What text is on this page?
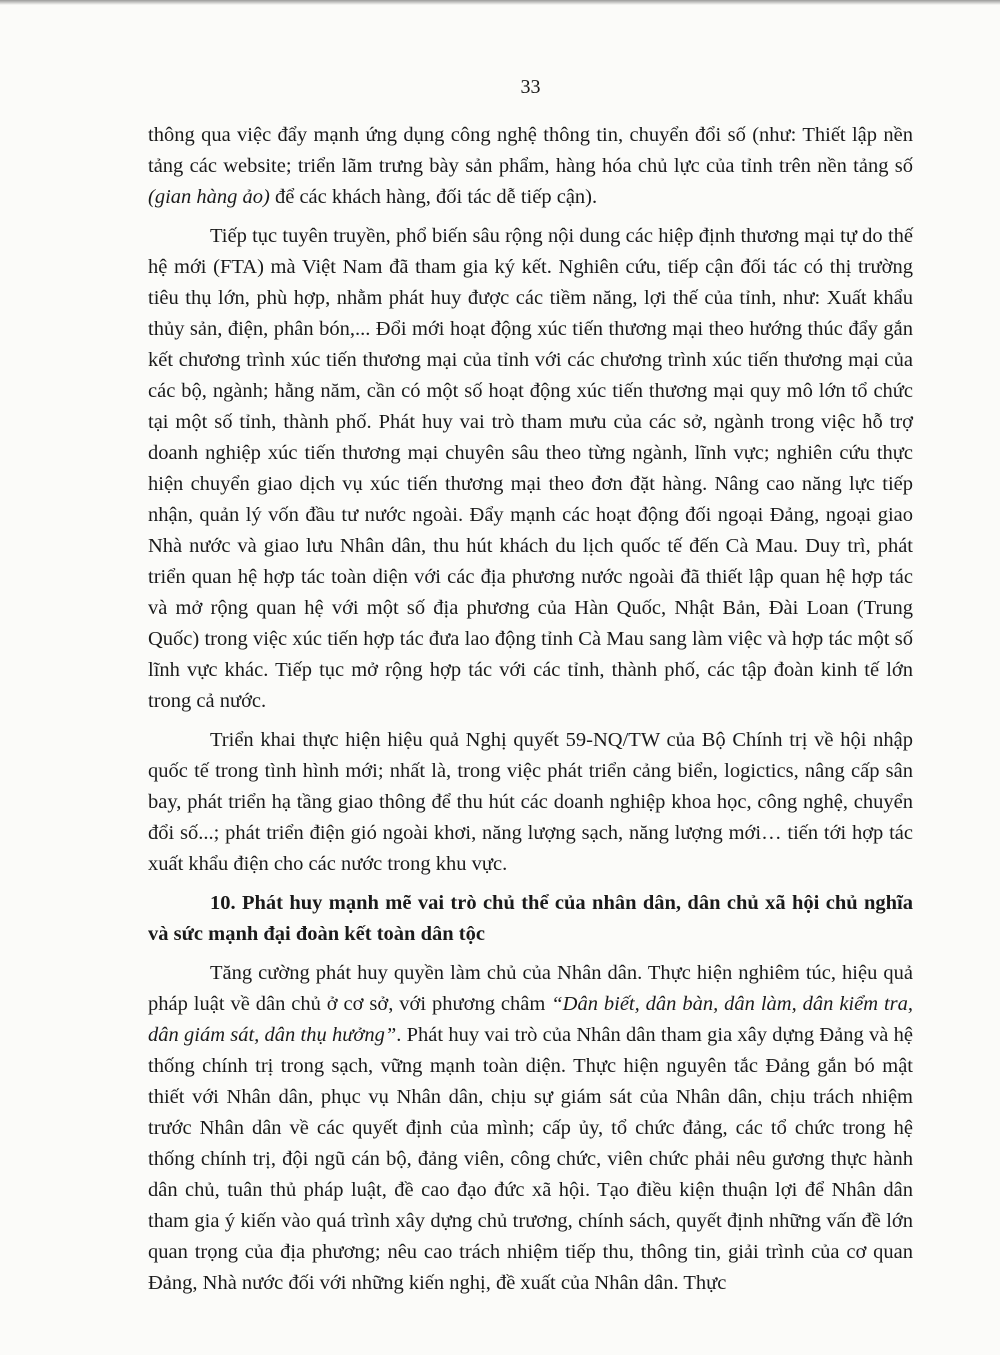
33

thông qua việc đẩy mạnh ứng dụng công nghệ thông tin, chuyển đổi số (như: Thiết lập nền tảng các website; triển lãm trưng bày sản phẩm, hàng hóa chủ lực của tỉnh trên nền tảng số (gian hàng ảo) để các khách hàng, đối tác dễ tiếp cận).

Tiếp tục tuyên truyền, phổ biến sâu rộng nội dung các hiệp định thương mại tự do thế hệ mới (FTA) mà Việt Nam đã tham gia ký kết. Nghiên cứu, tiếp cận đối tác có thị trường tiêu thụ lớn, phù hợp, nhằm phát huy được các tiềm năng, lợi thế của tỉnh, như: Xuất khẩu thủy sản, điện, phân bón,... Đổi mới hoạt động xúc tiến thương mại theo hướng thúc đẩy gắn kết chương trình xúc tiến thương mại của tỉnh với các chương trình xúc tiến thương mại của các bộ, ngành; hằng năm, cần có một số hoạt động xúc tiến thương mại quy mô lớn tổ chức tại một số tỉnh, thành phố. Phát huy vai trò tham mưu của các sở, ngành trong việc hỗ trợ doanh nghiệp xúc tiến thương mại chuyên sâu theo từng ngành, lĩnh vực; nghiên cứu thực hiện chuyển giao dịch vụ xúc tiến thương mại theo đơn đặt hàng. Nâng cao năng lực tiếp nhận, quản lý vốn đầu tư nước ngoài. Đẩy mạnh các hoạt động đối ngoại Đảng, ngoại giao Nhà nước và giao lưu Nhân dân, thu hút khách du lịch quốc tế đến Cà Mau. Duy trì, phát triển quan hệ hợp tác toàn diện với các địa phương nước ngoài đã thiết lập quan hệ hợp tác và mở rộng quan hệ với một số địa phương của Hàn Quốc, Nhật Bản, Đài Loan (Trung Quốc) trong việc xúc tiến hợp tác đưa lao động tỉnh Cà Mau sang làm việc và hợp tác một số lĩnh vực khác. Tiếp tục mở rộng hợp tác với các tỉnh, thành phố, các tập đoàn kinh tế lớn trong cả nước.

Triển khai thực hiện hiệu quả Nghị quyết 59-NQ/TW của Bộ Chính trị về hội nhập quốc tế trong tình hình mới; nhất là, trong việc phát triển cảng biển, logictics, nâng cấp sân bay, phát triển hạ tầng giao thông để thu hút các doanh nghiệp khoa học, công nghệ, chuyển đổi số...; phát triển điện gió ngoài khơi, năng lượng sạch, năng lượng mới… tiến tới hợp tác xuất khẩu điện cho các nước trong khu vực.

10. Phát huy mạnh mẽ vai trò chủ thể của nhân dân, dân chủ xã hội chủ nghĩa và sức mạnh đại đoàn kết toàn dân tộc

Tăng cường phát huy quyền làm chủ của Nhân dân. Thực hiện nghiêm túc, hiệu quả pháp luật về dân chủ ở cơ sở, với phương châm “Dân biết, dân bàn, dân làm, dân kiểm tra, dân giám sát, dân thụ hưởng”. Phát huy vai trò của Nhân dân tham gia xây dựng Đảng và hệ thống chính trị trong sạch, vững mạnh toàn diện. Thực hiện nguyên tắc Đảng gắn bó mật thiết với Nhân dân, phục vụ Nhân dân, chịu sự giám sát của Nhân dân, chịu trách nhiệm trước Nhân dân về các quyết định của mình; cấp ủy, tổ chức đảng, các tổ chức trong hệ thống chính trị, đội ngũ cán bộ, đảng viên, công chức, viên chức phải nêu gương thực hành dân chủ, tuân thủ pháp luật, đề cao đạo đức xã hội. Tạo điều kiện thuận lợi để Nhân dân tham gia ý kiến vào quá trình xây dựng chủ trương, chính sách, quyết định những vấn đề lớn quan trọng của địa phương; nêu cao trách nhiệm tiếp thu, thông tin, giải trình của cơ quan Đảng, Nhà nước đối với những kiến nghị, đề xuất của Nhân dân. Thực
